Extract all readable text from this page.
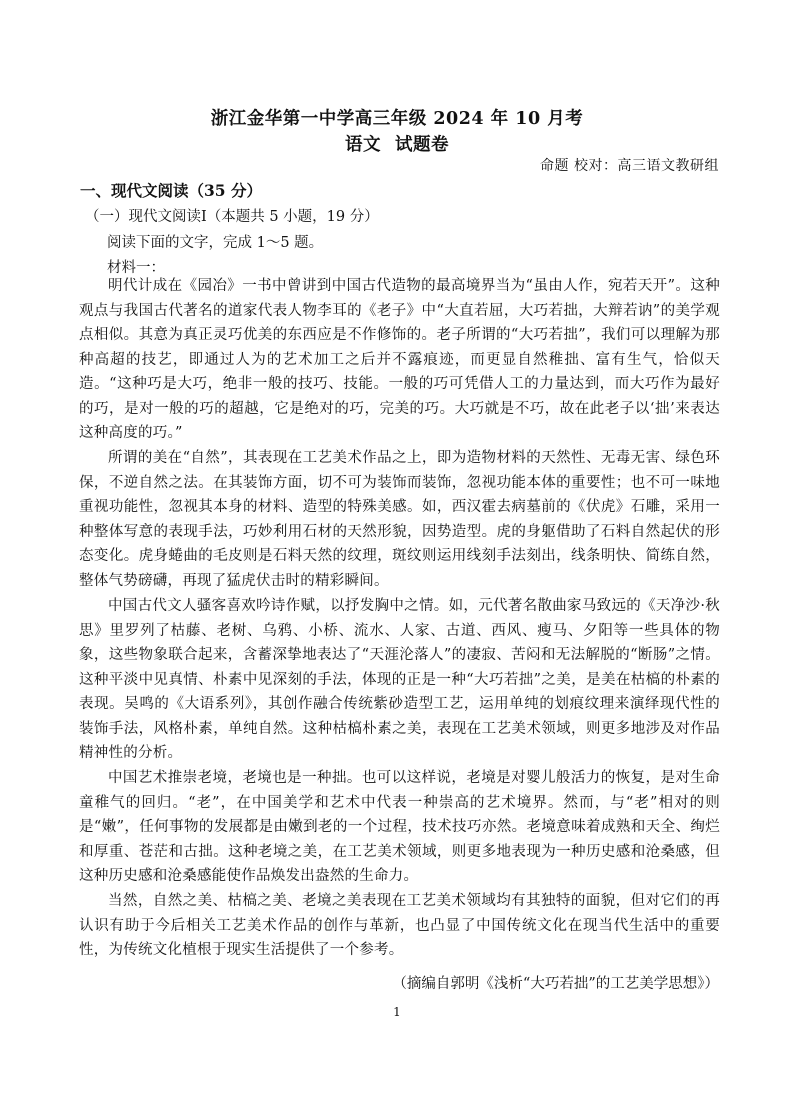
浙江金华第一中学高三年级 2024 年 10 月考
语文 试题卷
命题 校对：高三语文教研组
一、现代文阅读（35 分）
（一）现代文阅读Ⅰ（本题共 5 小题，19 分）
阅读下面的文字，完成 1～5 题。
材料一：

明代计成在《园冶》一书中曾讲到中国古代造物的最高境界当为“虽由人作，宛若天开”。这种观点与我国古代著名的道家代表人物李耳的《老子》中“大直若屈，大巧若拙，大辩若讷”的美学观点相似。其意为真正灵巧优美的东西应是不作修饰的。老子所谓的“大巧若拙”，我们可以理解为那种高超的技艺，即通过人为的艺术加工之后并不露痕迹，而更显自然稚拙、富有生气，恰似天造。“这种巧是大巧，绝非一般的技巧、技能。一般的巧可凭借人工的力量达到，而大巧作为最好的巧，是对一般的巧的超越，它是绝对的巧，完美的巧。大巧就是不巧，故在此老子以‘拙’来表达这种高度的巧。”

所谓的美在“自然”，其表现在工艺美术作品之上，即为造物材料的天然性、无毒无害、绿色环保，不逆自然之法。在其装饰方面，切不可为装饰而装饰，忽视功能本体的重要性；也不可一味地重视功能性，忽视其本身的材料、造型的特殊美感。如，西汉霍去病墓前的《伏虎》石雕，采用一种整体写意的表现手法，巧妙利用石材的天然形貌，因势造型。虎的身躯借助了石料自然起伏的形态变化。虎身蜷曲的毛皮则是石料天然的纹理，斑纹则运用线刻手法刻出，线条明快、简练自然，整体气势磅礴，再现了猛虎伏击时的精彩瞬间。

中国古代文人骚客喜欢吟诗作赋，以抒发胸中之情。如，元代著名散曲家马致远的《天净沙·秋思》里罗列了枯藤、老树、乌鸦、小桥、流水、人家、古道、西风、瘦马、夕阳等一些具体的物象，这些物象联合起来，含蓄深挚地表达了“天涯沦落人”的凄寂、苦闷和无法解脱的“断肠”之情。这种平淡中见真情、朴素中见深刻的手法，体现的正是一种“大巧若拙”之美，是美在枯槁的朴素的表现。吴鸣的《大语系列》，其创作融合传统紫砂造型工艺，运用单纯的划痕纹理来演绎现代性的装饰手法，风格朴素，单纯自然。这种枯槁朴素之美，表现在工艺美术领域，则更多地涉及对作品精神性的分析。

中国艺术推崇老境，老境也是一种拙。也可以这样说，老境是对婴儿般活力的恢复，是对生命童稚气的回归。“老”，在中国美学和艺术中代表一种崇高的艺术境界。然而，与“老”相对的则是“嫩”，任何事物的发展都是由嫩到老的一个过程，技术技巧亦然。老境意味着成熟和天全、绚烂和厚重、苍茫和古拙。这种老境之美，在工艺美术领域，则更多地表现为一种历史感和沧桑感，但这种历史感和沧桑感能使作品焕发出盎然的生命力。

当然，自然之美、枯槁之美、老境之美表现在工艺美术领域均有其独特的面貌，但对它们的再认识有助于今后相关工艺美术作品的创作与革新，也凸显了中国传统文化在现当代生活中的重要性，为传统文化植根于现实生活提供了一个参考。

（摘编自郭明《浅析“大巧若拙”的工艺美学思想》）
1
